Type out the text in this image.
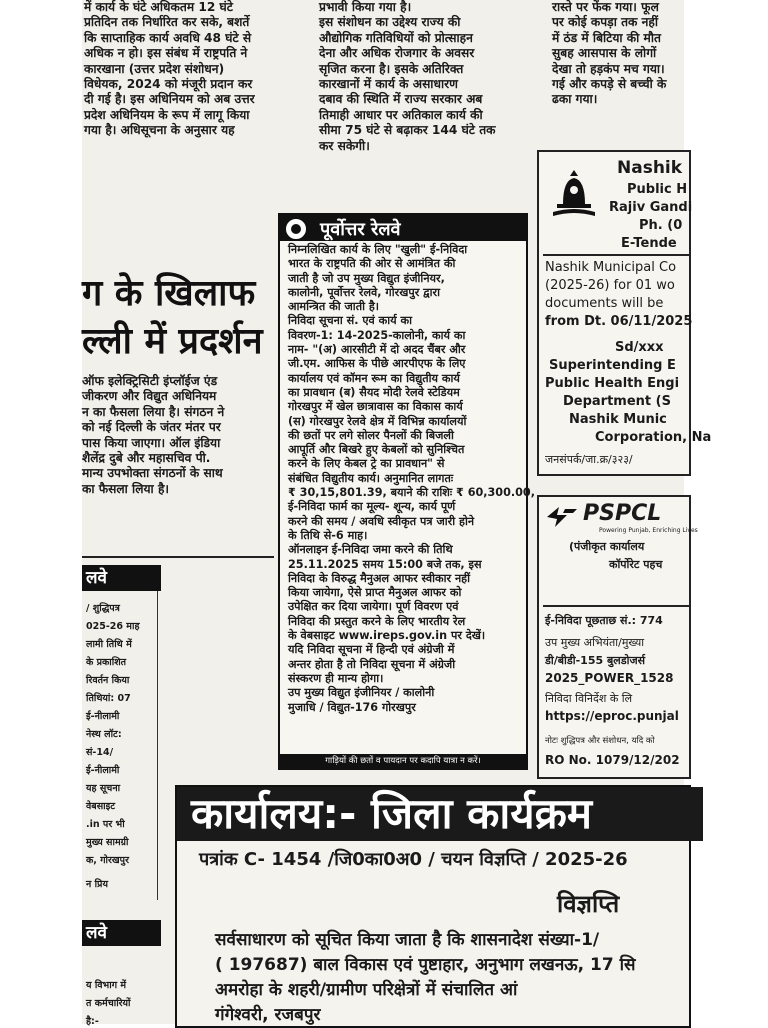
में कार्य के घंटे अधिकतम 12 घंटे
प्रतिदिन तक निर्धारित कर सके, बशर्ते
कि साप्ताहिक कार्य अवधि 48 घंटे से
अधिक न हो। इस संबंध में राष्ट्रपति ने
कारखाना (उत्तर प्रदेश संशोधन)
विधेयक, 2024 को मंजूरी प्रदान कर
दी गई है। इस अधिनियम को अब उत्तर
प्रदेश अधिनियम के रूप में लागू किया
गया है। अधिसूचना के अनुसार यह
प्रभावी किया गया है।
इस संशोधन का उद्देश्य राज्य की
औद्योगिक गतिविधियों को प्रोत्साहन
देना और अधिक रोजगार के अवसर
सृजित करना है। इसके अतिरिक्त
कारखानों में कार्य के असाधारण
दबाव की स्थिति में राज्य सरकार अब
तिमाही आधार पर अतिकाल कार्य की
सीमा 75 घंटे से बढ़ाकर 144 घंटे तक
कर सकेगी।
रास्ते पर फेंक गया। फूल
पर कोई कपड़ा तक नहीं
में ठंड में बिटिया की मौत
सुबह आसपास के लोगों
देखा तो हड़कंप मच गया।
गई और कपड़े से बच्ची के
ढका गया।
ग के खिलाफ
ल्ली में प्रदर्शन
ऑफ इलेक्ट्रिसिटी इंप्लॉईज एंड
जीकरण और विद्युत अधिनियम
न का फैसला लिया है। संगठन ने
को नई दिल्ली के जंतर मंतर पर
पास किया जाएगा। ऑल इंडिया
शैलेंद्र दुबे और महासचिव पी.
मान्य उपभोक्ता संगठनों के साथ
का फैसला लिया है।
पूर्वोत्तर रेलवे
निम्नलिखित कार्य के लिए "खुली" ई-निविदा
भारत के राष्ट्रपति की ओर से आमंत्रित की
जाती है जो उप मुख्य विद्युत इंजीनियर,
कालोनी, पूर्वोत्तर रेलवे, गोरखपुर द्वारा
आमन्त्रित की जाती है।
निविदा सूचना सं. एवं कार्य का
विवरण-1: 14-2025-कालोनी, कार्य का
नाम- "(अ) आरसीटी में दो अदद चैंबर और
जी.एम. आफिस के पीछे आरपीएफ के लिए
कार्यालय एवं कॉमन रूम का विद्युतीय कार्य
का प्रावधान (ब) सैयद मोदी रेलवे स्टेडियम
गोरखपुर में खेल छात्रावास का विकास कार्य
(स) गोरखपुर रेलवे क्षेत्र में विभिन्न कार्यालयों
की छतों पर लगे सोलर पैनलों की बिजली
आपूर्ति और बिखरे हुए केबलों को सुनिश्चित
करने के लिए केबल ट्रे का प्रावधान" से
संबंधित विद्युतीय कार्य। अनुमानित लागतः
₹ 30,15,801.39, बयाने की राशिः ₹ 60,300.00,
ई-निविदा फार्म का मूल्य- शून्य, कार्य पूर्ण
करने की समय / अवधि स्वीकृत पत्र जारी होने
के तिथि से-6 माह।
ऑनलाइन ई-निविदा जमा करने की तिथि
25.11.2025 समय 15:00 बजे तक, इस
निविदा के विरुद्ध मैनुअल आफर स्वीकार नहीं
किया जायेगा, ऐसे प्राप्त मैनुअल आफर को
उपेक्षित कर दिया जायेगा। पूर्ण विवरण एवं
निविदा की प्रस्तुत करने के लिए भारतीय रेल
के वेबसाइट www.ireps.gov.in पर देखें।
यदि निविदा सूचना में हिन्दी एवं अंग्रेजी में
अन्तर होता है तो निविदा सूचना में अंग्रेजी
संस्करण ही मान्य होगा।
उप मुख्य विद्युत इंजीनियर / कालोनी
मुजाधि / विद्युत-176 गोरखपुर
गाड़ियों की छतों व पायदान पर कदापि यात्रा न करें।
Nashik
Public H
Rajiv Gandi
Ph. (0
E-Tende
Nashik Municipal Co
(2025-26) for 01 wo
documents will be
from Dt. 06/11/2025
Sd/xxx
Superintending E
Public Health Engi
Department (S
Nashik Munic
Corporation, Na
जनसंपर्क/जा.क्र/३२३/
PSPCL
Powering Punjab, Enriching Lives
(पंजीकृत कार्यालय
कॉर्पोरेट पहच
ई-निविदा पूछताछ सं.: 774
उप मुख्य अभियंता/मुख्या
डी/बीडी-155 बुलडोजर्स
2025_POWER_1528
निविदा विनिर्देश के लि
https://eproc.punjal
नोटः शुद्धिपत्र और संशोधन, यदि को
RO No. 1079/12/202
लवे
/ शुद्धिपत्र
025-26 माह
लामी तिथि में
के प्रकाशित
रिवर्तन किया
तिथियां: 07
ई-नीलामी
नेस्थ लॉट:
सं-14/
ई-नीलामी
यह सूचना
वेबसाइट
.in पर भी
मुख्य सामग्री
क, गोरखपुर
न प्रिय
लवे
य विभाग में
त कर्मचारियों
है:-
कार्यालय:- जिला कार्यक्रम
पत्रांक C- 1454 /जि0का0अ0 / चयन विज्ञप्ति / 2025-26
विज्ञप्ति
सर्वसाधारण को सूचित किया जाता है कि शासनादेश संख्या-1/
( 197687) बाल विकास एवं पुष्टाहार, अनुभाग लखनऊ, 17 सि
अमरोहा के शहरी/ग्रामीण परिक्षेत्रों में संचालित आं
गंगेश्वरी, रजबपुर
